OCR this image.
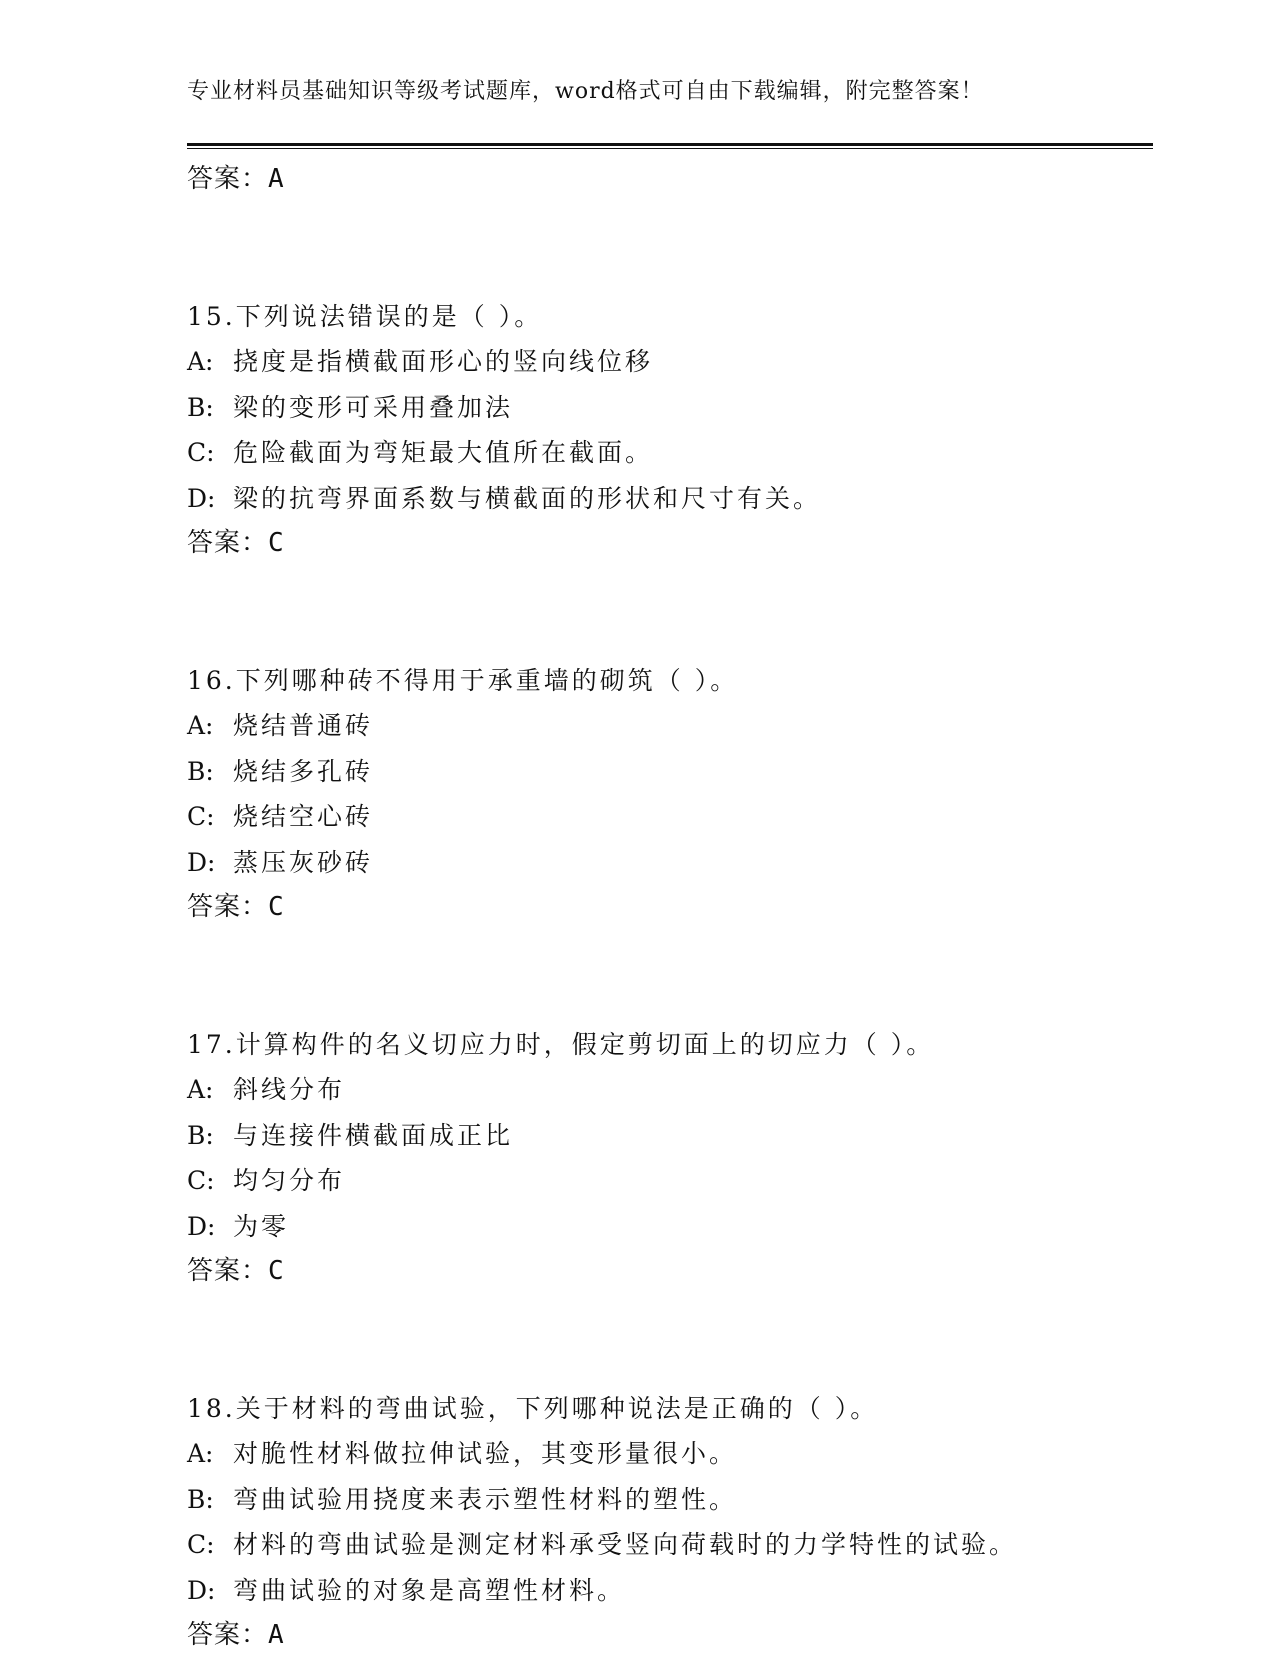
专业材料员基础知识等级考试题库，word格式可自由下载编辑，附完整答案！
答案：A
15.下列说法错误的是（ ）。
A: 挠度是指横截面形心的竖向线位移
B: 梁的变形可采用叠加法
C: 危险截面为弯矩最大值所在截面。
D: 梁的抗弯界面系数与横截面的形状和尺寸有关。
答案：C
16.下列哪种砖不得用于承重墙的砌筑（ ）。
A: 烧结普通砖
B: 烧结多孔砖
C: 烧结空心砖
D: 蒸压灰砂砖
答案：C
17.计算构件的名义切应力时，假定剪切面上的切应力（ ）。
A: 斜线分布
B: 与连接件横截面成正比
C: 均匀分布
D: 为零
答案：C
18.关于材料的弯曲试验，下列哪种说法是正确的（ ）。
A: 对脆性材料做拉伸试验，其变形量很小。
B: 弯曲试验用挠度来表示塑性材料的塑性。
C: 材料的弯曲试验是测定材料承受竖向荷载时的力学特性的试验。
D: 弯曲试验的对象是高塑性材料。
答案：A
